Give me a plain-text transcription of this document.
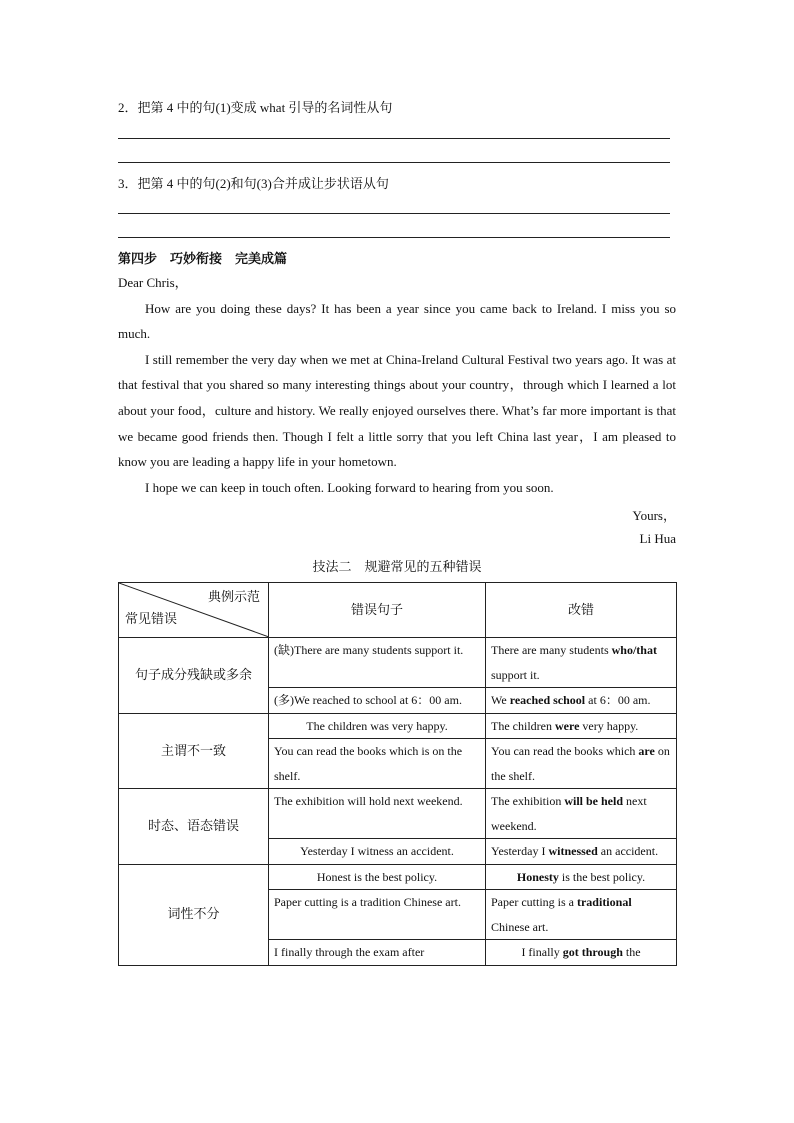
2．把第 4 中的句(1)变成 what 引导的名词性从句
3．把第 4 中的句(2)和句(3)合并成让步状语从句
第四步　巧妙衔接　完美成篇

Dear Chris，

How are you doing these days? It has been a year since you came back to Ireland. I miss you so much.

I still remember the very day when we met at China-Ireland Cultural Festival two years ago. It was at that festival that you shared so many interesting things about your country，through which I learned a lot about your food，culture and history. We really enjoyed ourselves there. What’s far more important is that we became good friends then. Though I felt a little sorry that you left China last year，I am pleased to know you are leading a happy life in your hometown.

I hope we can keep in touch often. Looking forward to hearing from you soon.

Yours，
Li Hua
技法二　规避常见的五种错误
典例示范
常见错误	错误句子	改错
句子成分残缺或多余	(缺)There are many students support it.	There are many students who/that support it.
	(多)We reached to school at 6：00 am.	We reached school at 6：00 am.
主谓不一致	The children was very happy.	The children were very happy.
	You can read the books which is on the shelf.	You can read the books which are on the shelf.
时态、语态错误	The exhibition will hold next weekend.	The exhibition will be held next weekend.
	Yesterday I witness an accident.	Yesterday I witnessed an accident.
词性不分	Honest is the best policy.	Honesty is the best policy.
	Paper cutting is a tradition Chinese art.	Paper cutting is a traditional Chinese art.
	I finally through the exam after	I finally got through the
